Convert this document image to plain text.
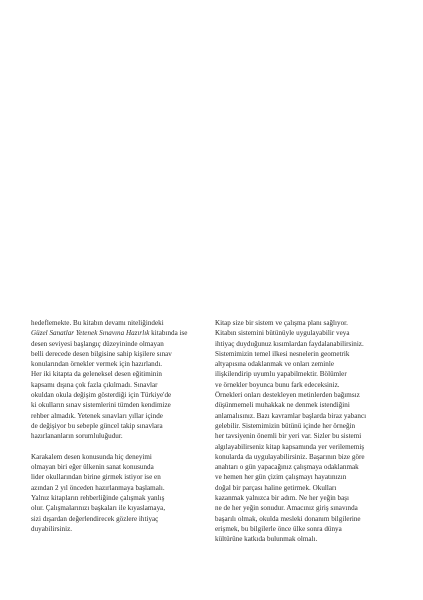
hedeflemekte. Bu kitabın devamı niteliğindeki
Güzel Sanatlar Yetenek Sınavına Hazırlık kitabında ise
desen seviyesi başlangıç düzeyininde olmayan
belli derecede desen bilgisine sahip kişilere sınav
konularından örnekler vermek için hazırlandı.
Her iki kitapta da geleneksel desen eğitiminin
kapsamı dışına çok fazla çıkılmadı. Sınavlar
okuldan okula değişim gösterdiği için Türkiye'de
ki okulların sınav sistemlerini tümden kendimize
rehber almadık. Yetenek sınavları yıllar içinde
de değişiyor bu sebeple güncel takip sınavlara
hazırlananların sorumluluğudur.

Karakalem desen konusunda hiç deneyimi
olmayan biri eğer ülkenin sanat konusunda
lider okullarından birine girmek istiyor ise en
azından 2 yıl önceden hazırlanmaya başlamalı.
Yalnız kitapların rehberliğinde çalışmak yanlış
olur. Çalışmalarınızı başkaları ile kıyaslamaya,
sizi dışardan değerlendirecek gözlere ihtiyaç
duyabilirsiniz.

Kitap size bir sistem ve çalışma planı sağlıyor.
Kitabın sistemini bütünüyle uygulayabilir veya
ihtiyaç duyduğunuz kısımlardan faydalanabilirsiniz.
Sistemimizin temel ilkesi nesnelerin geometrik
altyapısına odaklanmak ve onları zeminle
ilişkilendirip uyumlu yapabilmektir. Bölümler
ve örnekler boyunca bunu fark edeceksiniz.
Örnekleri onları destekleyen metinlerden bağımsız
düşünmemeli muhakkak ne denmek istendiğini
anlamalısınız. Bazı kavramlar başlarda biraz yabancı
gelebilir. Sistemimizin bütünü içinde her örneğin
her tavsiyenin önemli bir yeri var. Sizler bu sistemi
algılayabilirseniz kitap kapsamında yer verilememiş
konularda da uygulayabilirsiniz. Başarının bize göre
anahtarı o gün yapacağınız çalışmaya odaklanmak
ve hemen her gün çizim çalışmayı hayatınızın
doğal bir parçası haline getirmek. Okulları
kazanmak yalnızca bir adım. Ne her yeğin başı
ne de her yeğin sonudur. Amacınız giriş sınavında
başarılı olmak, okulda mesleki donanım bilgilerine
erişmek, bu bilgilerle önce ülke sonra dünya
kültürüne katkıda bulunmak olmalı.
